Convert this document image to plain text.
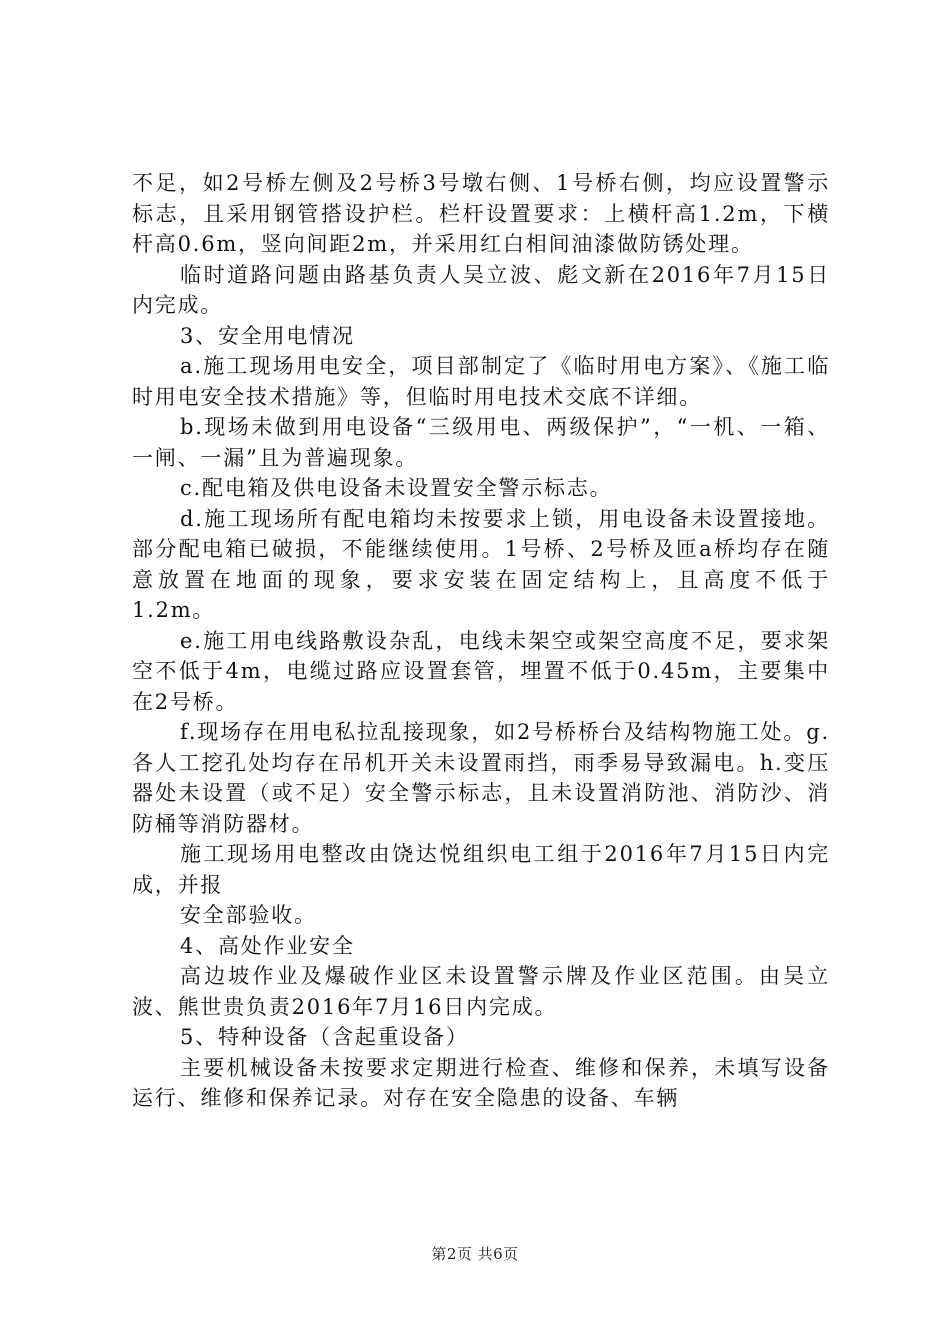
不足，如2号桥左侧及2号桥3号墩右侧、1号桥右侧，均应设置警示标志，且采用钢管搭设护栏。栏杆设置要求：上横杆高1.2m，下横杆高0.6m，竖向间距2m，并采用红白相间油漆做防锈处理。

临时道路问题由路基负责人吴立波、彪文新在2016年7月15日内完成。

3、安全用电情况

a.施工现场用电安全，项目部制定了《临时用电方案》、《施工临时用电安全技术措施》等，但临时用电技术交底不详细。

b.现场未做到用电设备“三级用电、两级保护”，“一机、一箱、一闸、一漏”且为普遍现象。

c.配电箱及供电设备未设置安全警示标志。

d.施工现场所有配电箱均未按要求上锁，用电设备未设置接地。部分配电箱已破损，不能继续使用。1号桥、2号桥及匝a桥均存在随意放置在地面的现象，要求安装在固定结构上，且高度不低于1.2m。

e.施工用电线路敷设杂乱，电线未架空或架空高度不足，要求架空不低于4m，电缆过路应设置套管，埋置不低于0.45m，主要集中在2号桥。

f.现场存在用电私拉乱接现象，如2号桥桥台及结构物施工处。g.各人工挖孔处均存在吊机开关未设置雨挡，雨季易导致漏电。h.变压器处未设置（或不足）安全警示标志，且未设置消防池、消防沙、消防桶等消防器材。

施工现场用电整改由饶达悦组织电工组于2016年7月15日内完成，并报

安全部验收。

4、高处作业安全

高边坡作业及爆破作业区未设置警示牌及作业区范围。由吴立波、熊世贵负责2016年7月16日内完成。

5、特种设备（含起重设备）

主要机械设备未按要求定期进行检查、维修和保养，未填写设备运行、维修和保养记录。对存在安全隐患的设备、车辆

第2页 共6页
